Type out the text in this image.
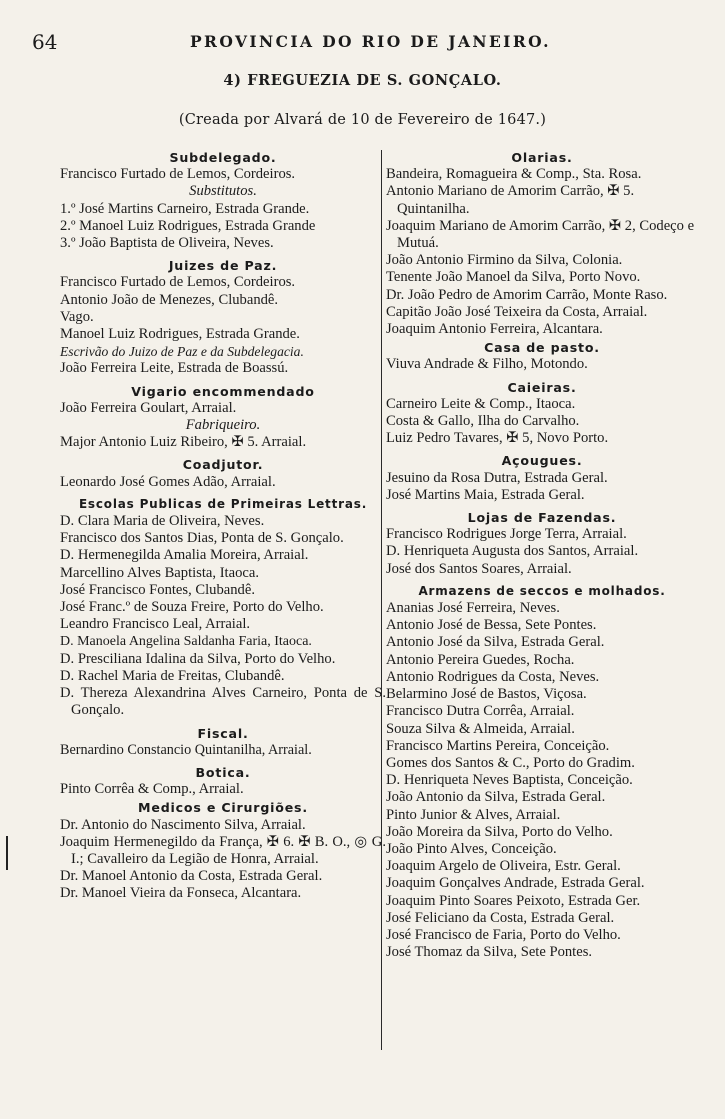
64	PROVINCIA DO RIO DE JANEIRO.
4) FREGUEZIA DE S. GONÇALO.
(Creada por Alvará de 10 de Fevereiro de 1647.)
Subdelegado.
Francisco Furtado de Lemos, Cordeiros.
Substitutos.
1.º José Martins Carneiro, Estrada Grande.
2.º Manoel Luiz Rodrigues, Estrada Grande
3.º João Baptista de Oliveira, Neves.
Juizes de Paz.
Francisco Furtado de Lemos, Cordeiros.
Antonio João de Menezes, Clubandê.
Vago.
Manoel Luiz Rodrigues, Estrada Grande.
Escrivão do Juizo de Paz e da Subdelegacia.
João Ferreira Leite, Estrada de Boassú.
Vigario encommendado
João Ferreira Goulart, Arraial.
Fabriqueiro.
Major Antonio Luiz Ribeiro, ✠ 5. Arraial.
Coadjutor.
Leonardo José Gomes Adão, Arraial.
Escolas Publicas de Primeiras Lettras.
D. Clara Maria de Oliveira, Neves.
Francisco dos Santos Dias, Ponta de S. Gonçalo.
D. Hermenegilda Amalia Moreira, Arraial.
Marcellino Alves Baptista, Itaoca.
José Francisco Fontes, Clubandê.
José Franc.º de Souza Freire, Porto do Velho.
Leandro Francisco Leal, Arraial.
D. Manoela Angelina Saldanha Faria, Itaoca.
D. Presciliana Idalina da Silva, Porto do Velho.
D. Rachel Maria de Freitas, Clubandê.
D. Thereza Alexandrina Alves Carneiro, Ponta de S. Gonçalo.
Fiscal.
Bernardino Constancio Quintanilha, Arraial.
Botica.
Pinto Corrêa & Comp., Arraial.
Medicos e Cirurgiões.
Dr. Antonio do Nascimento Silva, Arraial.
Joaquim Hermenegildo da França, ✠ 6. ✠ B. O., ◎ G. I.; Cavalleiro da Legião de Honra, Arraial.
Dr. Manoel Antonio da Costa, Estrada Geral.
Dr. Manoel Vieira da Fonseca, Alcantara.
Olarias.
Bandeira, Romagueira & Comp., Sta. Rosa.
Antonio Mariano de Amorim Carrão, ✠ 5. Quintanilha.
Joaquim Mariano de Amorim Carrão, ✠ 2, Codeço e Mutuá.
João Antonio Firmino da Silva, Colonia.
Tenente João Manoel da Silva, Porto Novo.
Dr. João Pedro de Amorim Carrão, Monte Raso.
Capitão João José Teixeira da Costa, Arraial.
Joaquim Antonio Ferreira, Alcantara.
Casa de pasto.
Viuva Andrade & Filho, Motondo.
Caieiras.
Carneiro Leite & Comp., Itaoca.
Costa & Gallo, Ilha do Carvalho.
Luiz Pedro Tavares, ✠ 5, Novo Porto.
Açougues.
Jesuino da Rosa Dutra, Estrada Geral.
José Martins Maia, Estrada Geral.
Lojas de Fazendas.
Francisco Rodrigues Jorge Terra, Arraial.
D. Henriqueta Augusta dos Santos, Arraial.
José dos Santos Soares, Arraial.
Armazens de seccos e molhados.
Ananias José Ferreira, Neves.
Antonio José de Bessa, Sete Pontes.
Antonio José da Silva, Estrada Geral.
Antonio Pereira Guedes, Rocha.
Antonio Rodrigues da Costa, Neves.
Belarmino José de Bastos, Viçosa.
Francisco Dutra Corrêa, Arraial.
Souza Silva & Almeida, Arraial.
Francisco Martins Pereira, Conceição.
Gomes dos Santos & C., Porto do Gradim.
D. Henriqueta Neves Baptista, Conceição.
João Antonio da Silva, Estrada Geral.
Pinto Junior & Alves, Arraial.
João Moreira da Silva, Porto do Velho.
João Pinto Alves, Conceição.
Joaquim Argelo de Oliveira, Estr. Geral.
Joaquim Gonçalves Andrade, Estrada Geral.
Joaquim Pinto Soares Peixoto, Estrada Ger.
José Feliciano da Costa, Estrada Geral.
José Francisco de Faria, Porto do Velho.
José Thomaz da Silva, Sete Pontes.
